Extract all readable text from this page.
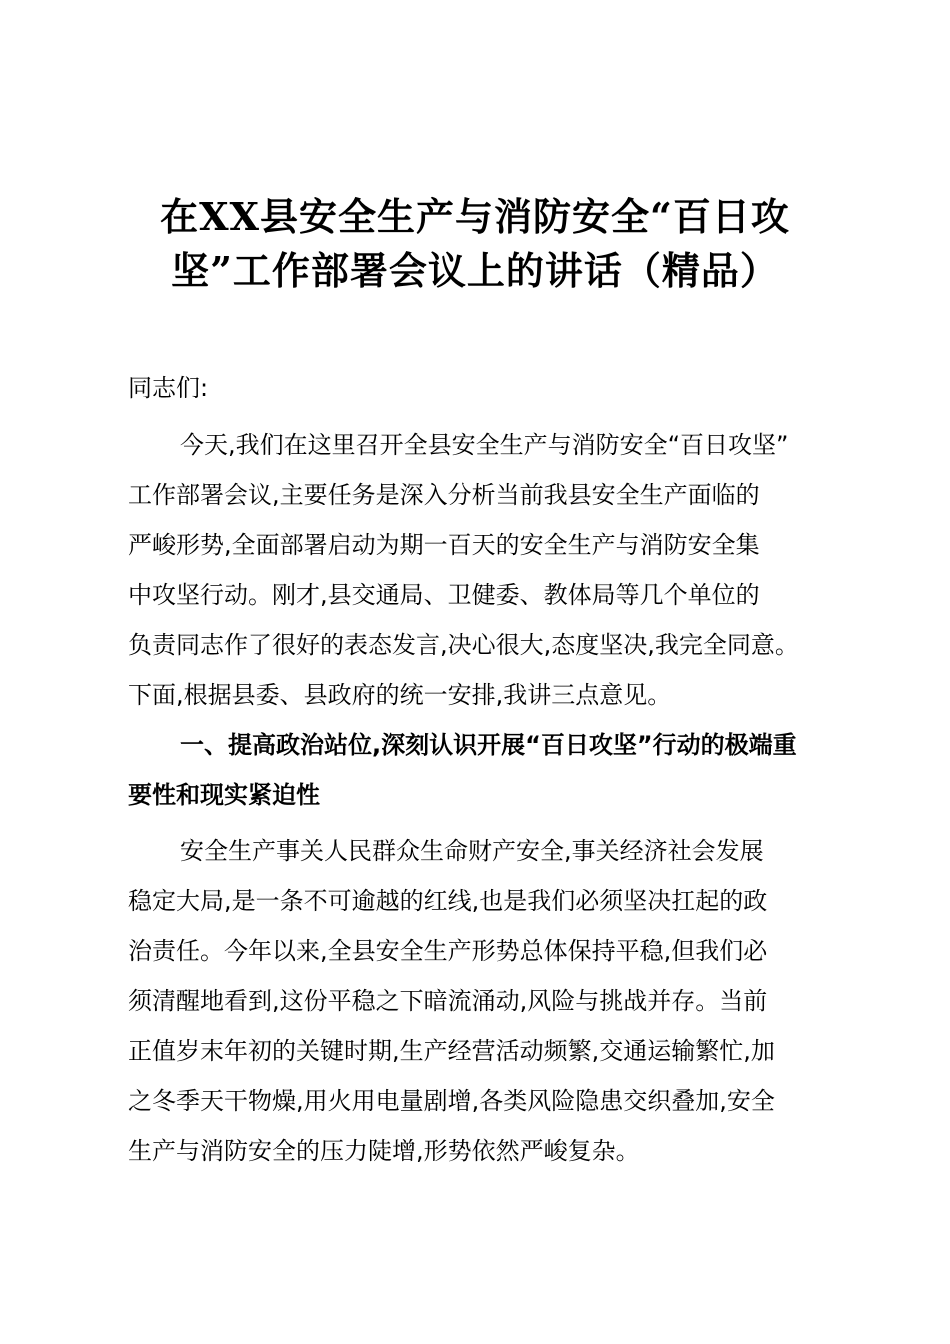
在XX县安全生产与消防安全“百日攻
坚”工作部署会议上的讲话（精品）

同志们:

今天,我们在这里召开全县安全生产与消防安全“百日攻坚”
工作部署会议,主要任务是深入分析当前我县安全生产面临的
严峻形势,全面部署启动为期一百天的安全生产与消防安全集
中攻坚行动。刚才,县交通局、卫健委、教体局等几个单位的
负责同志作了很好的表态发言,决心很大,态度坚决,我完全同意。
下面,根据县委、县政府的统一安排,我讲三点意见。

一、提高政治站位,深刻认识开展“百日攻坚”行动的极端重
要性和现实紧迫性

安全生产事关人民群众生命财产安全,事关经济社会发展
稳定大局,是一条不可逾越的红线,也是我们必须坚决扛起的政
治责任。今年以来,全县安全生产形势总体保持平稳,但我们必
须清醒地看到,这份平稳之下暗流涌动,风险与挑战并存。当前
正值岁末年初的关键时期,生产经营活动频繁,交通运输繁忙,加
之冬季天干物燥,用火用电量剧增,各类风险隐患交织叠加,安全
生产与消防安全的压力陡增,形势依然严峻复杂。
